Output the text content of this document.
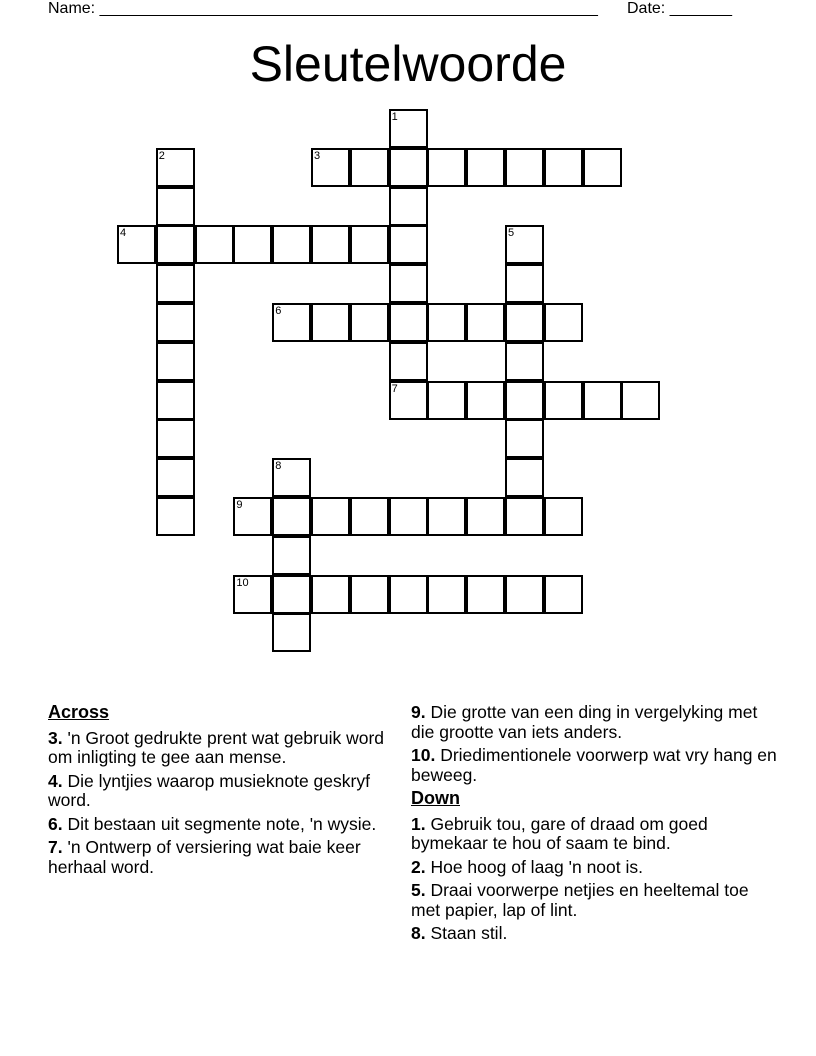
Name: ________________________________________________________ Date: _______
Sleutelwoorde
1
7
2	3
4	5
6
8
9
10
Across
3. 'n Groot gedrukte prent wat gebruik word om inligting te gee aan mense.
4. Die lyntjies waarop musieknote geskryf word.
6. Dit bestaan uit segmente note, 'n wysie.
7. 'n Ontwerp of versiering wat baie keer herhaal word.
9. Die grotte van een ding in vergelyking met die grootte van iets anders.
10. Driedimentionele voorwerp wat vry hang en beweeg.
Down
1. Gebruik tou, gare of draad om goed bymekaar te hou of saam te bind.
2. Hoe hoog of laag 'n noot is.
5. Draai voorwerpe netjies en heeltemal toe met papier, lap of lint.
8. Staan stil.
